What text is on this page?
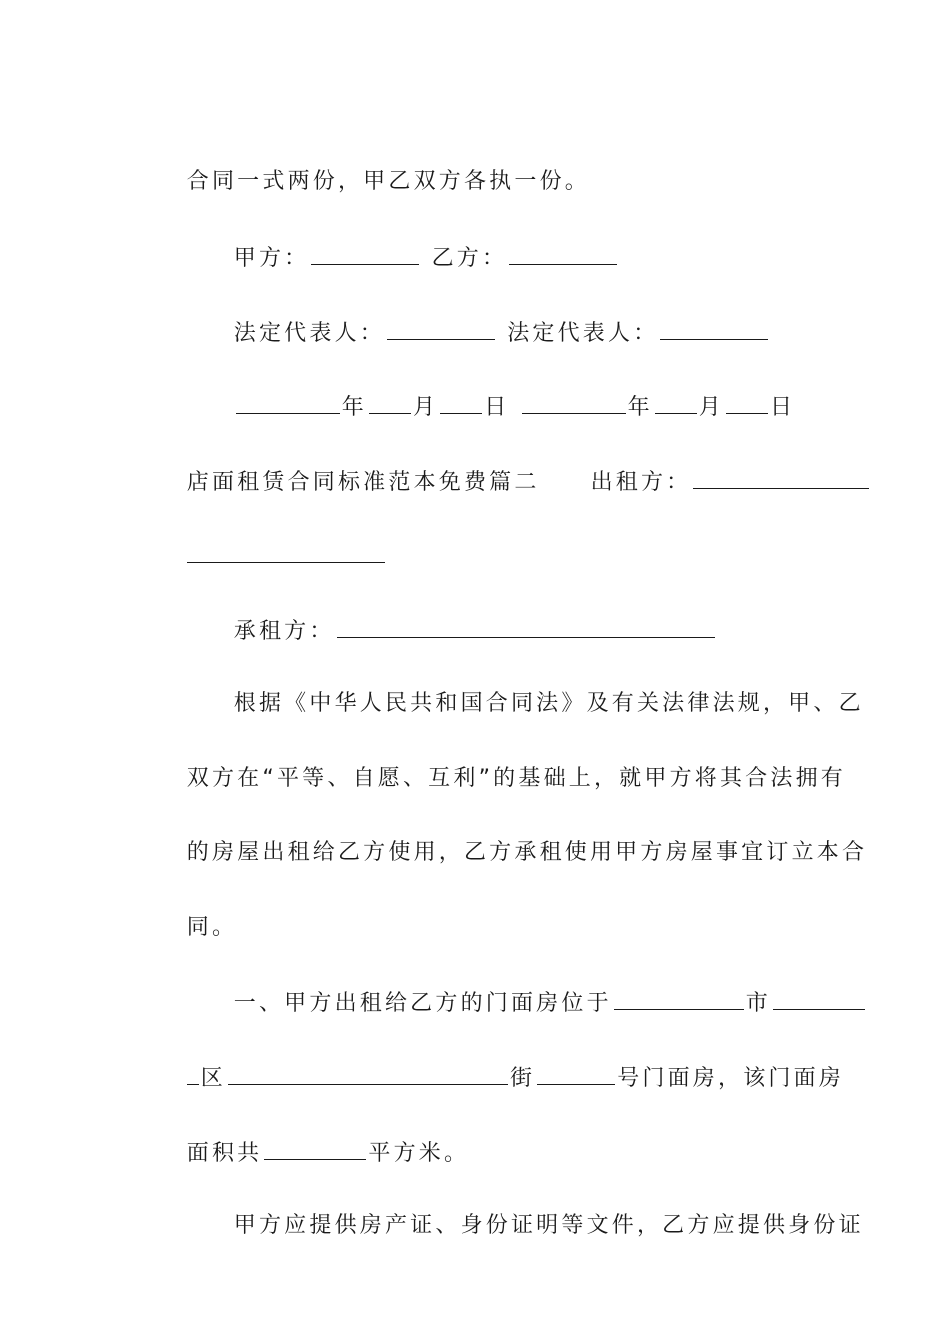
合同一式两份，甲乙双方各执一份。

甲方：	乙方：

法定代表人：	法定代表人：

年 月 日	年 月 日

店面租赁合同标准范本免费篇二 出租方：

承租方：

根据《中华人民共和国合同法》及有关法律法规，甲、乙

双方在“平等、自愿、互利”的基础上，就甲方将其合法拥有

的房屋出租给乙方使用，乙方承租使用甲方房屋事宜订立本合

同。

一、甲方出租给乙方的门面房位于	市

区	街	号门面房，该门面房

面积共	平方米。

甲方应提供房产证、身份证明等文件，乙方应提供身份证
